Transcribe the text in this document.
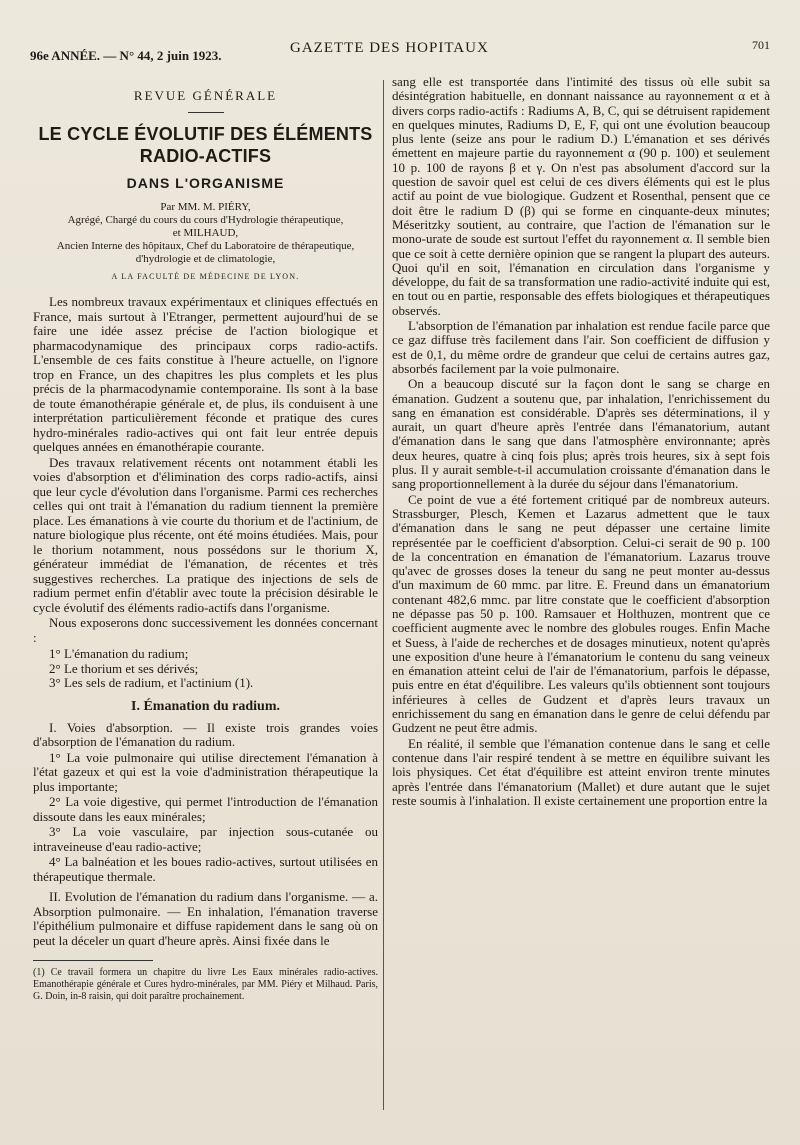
96e ANNÉE. — N° 44, 2 juin 1923.	GAZETTE DES HOPITAUX	701

REVUE GÉNÉRALE

LE CYCLE ÉVOLUTIF DES ÉLÉMENTS RADIO-ACTIFS

DANS L'ORGANISME

Par MM. M. PIÉRY,

Agrégé, Chargé du cours du cours d'Hydrologie thérapeutique,

et MILHAUD,

Ancien Interne des hôpitaux, Chef du Laboratoire de thérapeutique, d'hydrologie et de climatologie,

A LA FACULTÉ DE MÉDECINE DE LYON.

Les nombreux travaux expérimentaux et cliniques effectués en France, mais surtout à l'Etranger, permettent aujourd'hui de se faire une idée assez précise de l'action biologique et pharmacodynamique des principaux corps radio-actifs. L'ensemble de ces faits constitue à l'heure actuelle, on l'ignore trop en France, un des chapitres les plus complets et les plus précis de la pharmacodynamie contemporaine. Ils sont à la base de toute émanothérapie générale et, de plus, ils conduisent à une interprétation particulièrement féconde et pratique des cures hydro-minérales radio-actives qui ont fait leur entrée depuis quelques années en émanothérapie courante.

Des travaux relativement récents ont notamment établi les voies d'absorption et d'élimination des corps radio-actifs, ainsi que leur cycle d'évolution dans l'organisme. Parmi ces recherches celles qui ont trait à l'émanation du radium tiennent la première place. Les émanations à vie courte du thorium et de l'actinium, de nature biologique plus récente, ont été moins étudiées. Mais, pour le thorium notamment, nous possédons sur le thorium X, générateur immédiat de l'émanation, de récentes et très suggestives recherches. La pratique des injections de sels de radium permet enfin d'établir avec toute la précision désirable le cycle évolutif des éléments radio-actifs dans l'organisme.

Nous exposerons donc successivement les données concernant :

1° L'émanation du radium;
2° Le thorium et ses dérivés;
3° Les sels de radium, et l'actinium (1).
I. Émanation du radium.

I. Voies d'absorption. — Il existe trois grandes voies d'absorption de l'émanation du radium.

1° La voie pulmonaire qui utilise directement l'émanation à l'état gazeux et qui est la voie d'administration thérapeutique la plus importante;

2° La voie digestive, qui permet l'introduction de l'émanation dissoute dans les eaux minérales;

3° La voie vasculaire, par injection sous-cutanée ou intraveineuse d'eau radio-active;

4° La balnéation et les boues radio-actives, surtout utilisées en thérapeutique thermale.

II. Evolution de l'émanation du radium dans l'organisme. — a. Absorption pulmonaire. — En inhalation, l'émanation traverse l'épithélium pulmonaire et diffuse rapidement dans le sang où on peut la déceler un quart d'heure après. Ainsi fixée dans le

(1) Ce travail formera un chapitre du livre Les Eaux minérales radio-actives. Emanothérapie générale et Cures hydro-minérales, par MM. Piéry et Milhaud. Paris, G. Doin, in-8 raisin, qui doit paraître prochainement.

sang elle est transportée dans l'intimité des tissus où elle subit sa désintégration habituelle, en donnant naissance au rayonnement α et à divers corps radio-actifs : Radiums A, B, C, qui se détruisent rapidement en quelques minutes, Radiums D, E, F, qui ont une évolution beaucoup plus lente (seize ans pour le radium D.) L'émanation et ses dérivés émettent en majeure partie du rayonnement α (90 p. 100) et seulement 10 p. 100 de rayons β et γ. On n'est pas absolument d'accord sur la question de savoir quel est celui de ces divers éléments qui est le plus actif au point de vue biologique. Gudzent et Rosenthal, pensent que ce doit être le radium D (β) qui se forme en cinquante-deux minutes; Méseritzky soutient, au contraire, que l'action de l'émanation sur le mono-urate de soude est surtout l'effet du rayonnement α. Il semble bien que ce soit à cette dernière opinion que se rangent la plupart des auteurs. Quoi qu'il en soit, l'émanation en circulation dans l'organisme y développe, du fait de sa transformation une radio-activité induite qui est, en tout ou en partie, responsable des effets biologiques et thérapeutiques observés.

L'absorption de l'émanation par inhalation est rendue facile parce que ce gaz diffuse très facilement dans l'air. Son coefficient de diffusion y est de 0,1, du même ordre de grandeur que celui de certains autres gaz, absorbés facilement par la voie pulmonaire.

On a beaucoup discuté sur la façon dont le sang se charge en émanation. Gudzent a soutenu que, par inhalation, l'enrichissement du sang en émanation est considérable. D'après ses déterminations, il y aurait, un quart d'heure après l'entrée dans l'émanatorium, autant d'émanation dans le sang que dans l'atmosphère environnante; après deux heures, quatre à cinq fois plus; après trois heures, six à sept fois plus. Il y aurait semble-t-il accumulation croissante d'émanation dans le sang proportionnellement à la durée du séjour dans l'émanatorium.

Ce point de vue a été fortement critiqué par de nombreux auteurs. Strassburger, Plesch, Kemen et Lazarus admettent que le taux d'émanation dans le sang ne peut dépasser une certaine limite représentée par le coefficient d'absorption. Celui-ci serait de 90 p. 100 de la concentration en émanation de l'émanatorium. Lazarus trouve qu'avec de grosses doses la teneur du sang ne peut monter au-dessus d'un maximum de 60 mmc. par litre. E. Freund dans un émanatorium contenant 482,6 mmc. par litre constate que le coefficient d'absorption ne dépasse pas 50 p. 100. Ramsauer et Holthuzen, montrent que ce coefficient augmente avec le nombre des globules rouges. Enfin Mache et Suess, à l'aide de recherches et de dosages minutieux, notent qu'après une exposition d'une heure à l'émanatorium le contenu du sang veineux en émanation atteint celui de l'air de l'émanatorium, parfois le dépasse, puis entre en état d'équilibre. Les valeurs qu'ils obtiennent sont toujours inférieures à celles de Gudzent et d'après leurs travaux un enrichissement du sang en émanation dans le genre de celui défendu par Gudzent ne peut être admis.

En réalité, il semble que l'émanation contenue dans le sang et celle contenue dans l'air respiré tendent à se mettre en équilibre suivant les lois physiques. Cet état d'équilibre est atteint environ trente minutes après l'entrée dans l'émanatorium (Mallet) et dure autant que le sujet reste soumis à l'inhalation. Il existe certainement une proportion entre la
